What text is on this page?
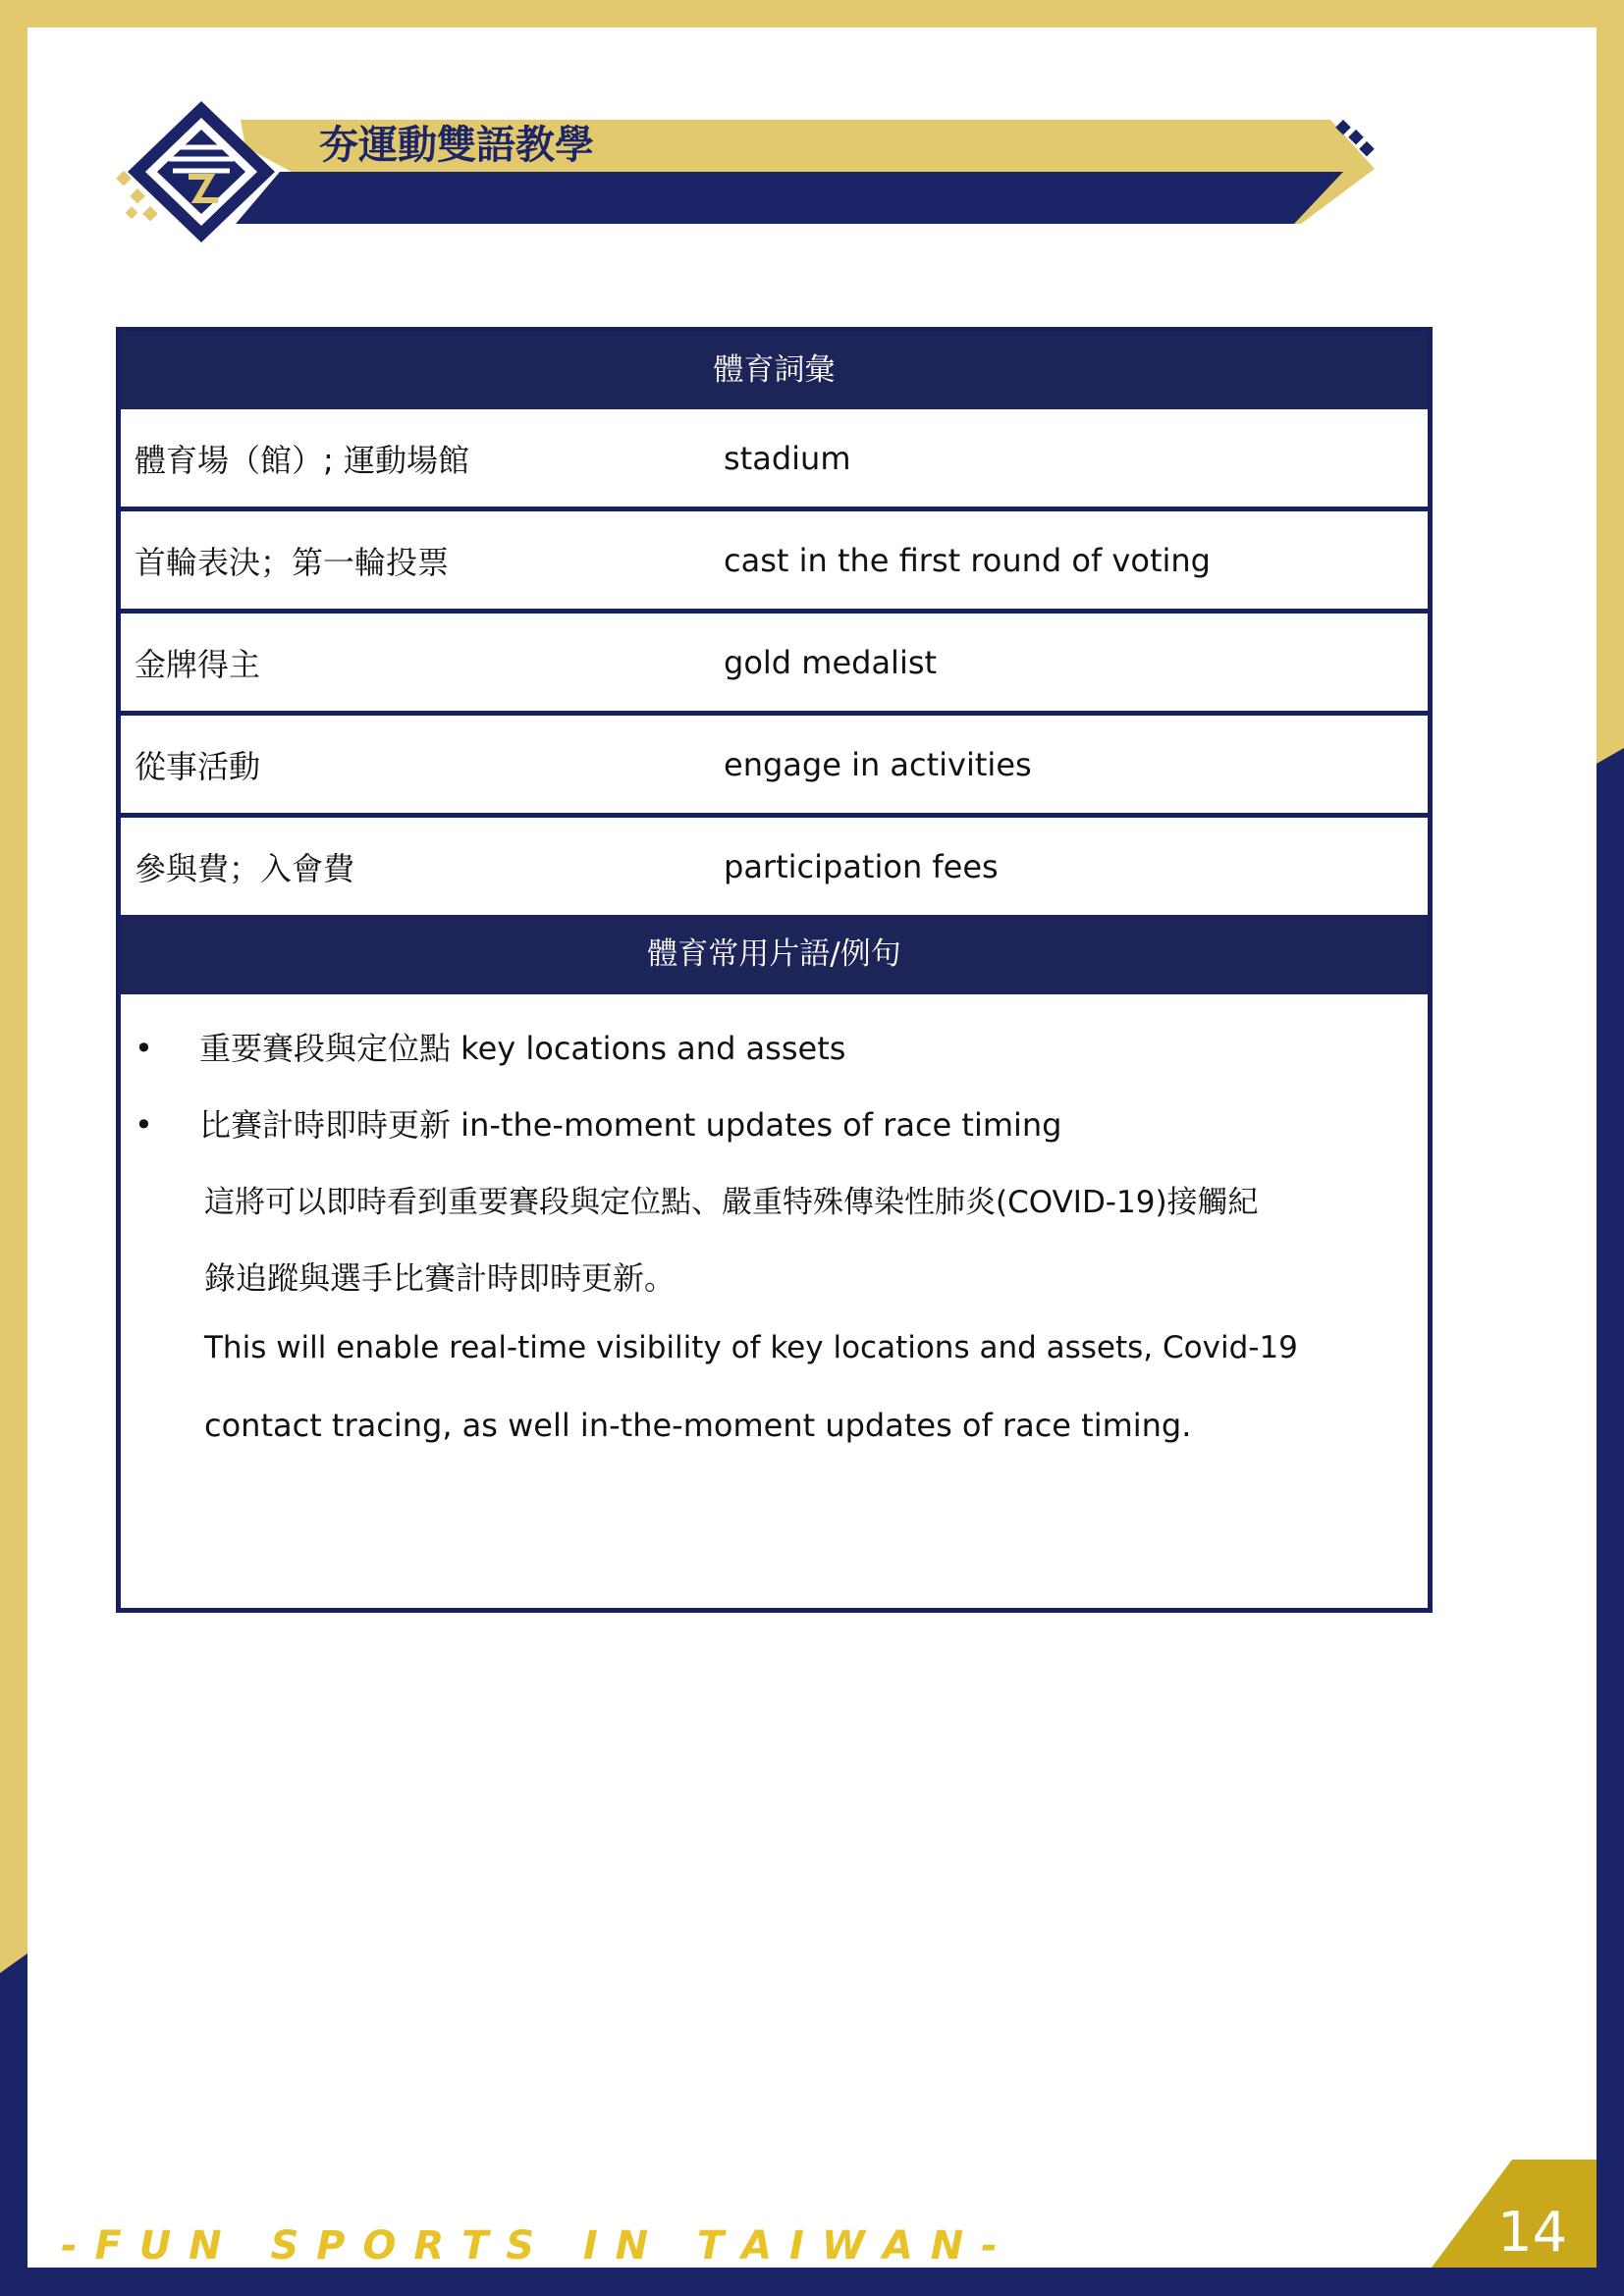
夯運動雙語教學
體育詞彙
體育場（館）; 運動場館	stadium
首輪表決；第一輪投票	cast in the first round of voting
金牌得主	gold medalist
從事活動	engage in activities
參與費；入會費	participation fees
體育常用片語/例句
• 重要賽段與定位點 key locations and assets
• 比賽計時即時更新 in-the-moment updates of race timing
這將可以即時看到重要賽段與定位點、嚴重特殊傳染性肺炎(COVID-19)接觸紀
錄追蹤與選手比賽計時即時更新。
This will enable real-time visibility of key locations and assets, Covid-19
contact tracing, as well in-the-moment updates of race timing.
- F U N   S P O R T S   I N   T A I W A N -	14
